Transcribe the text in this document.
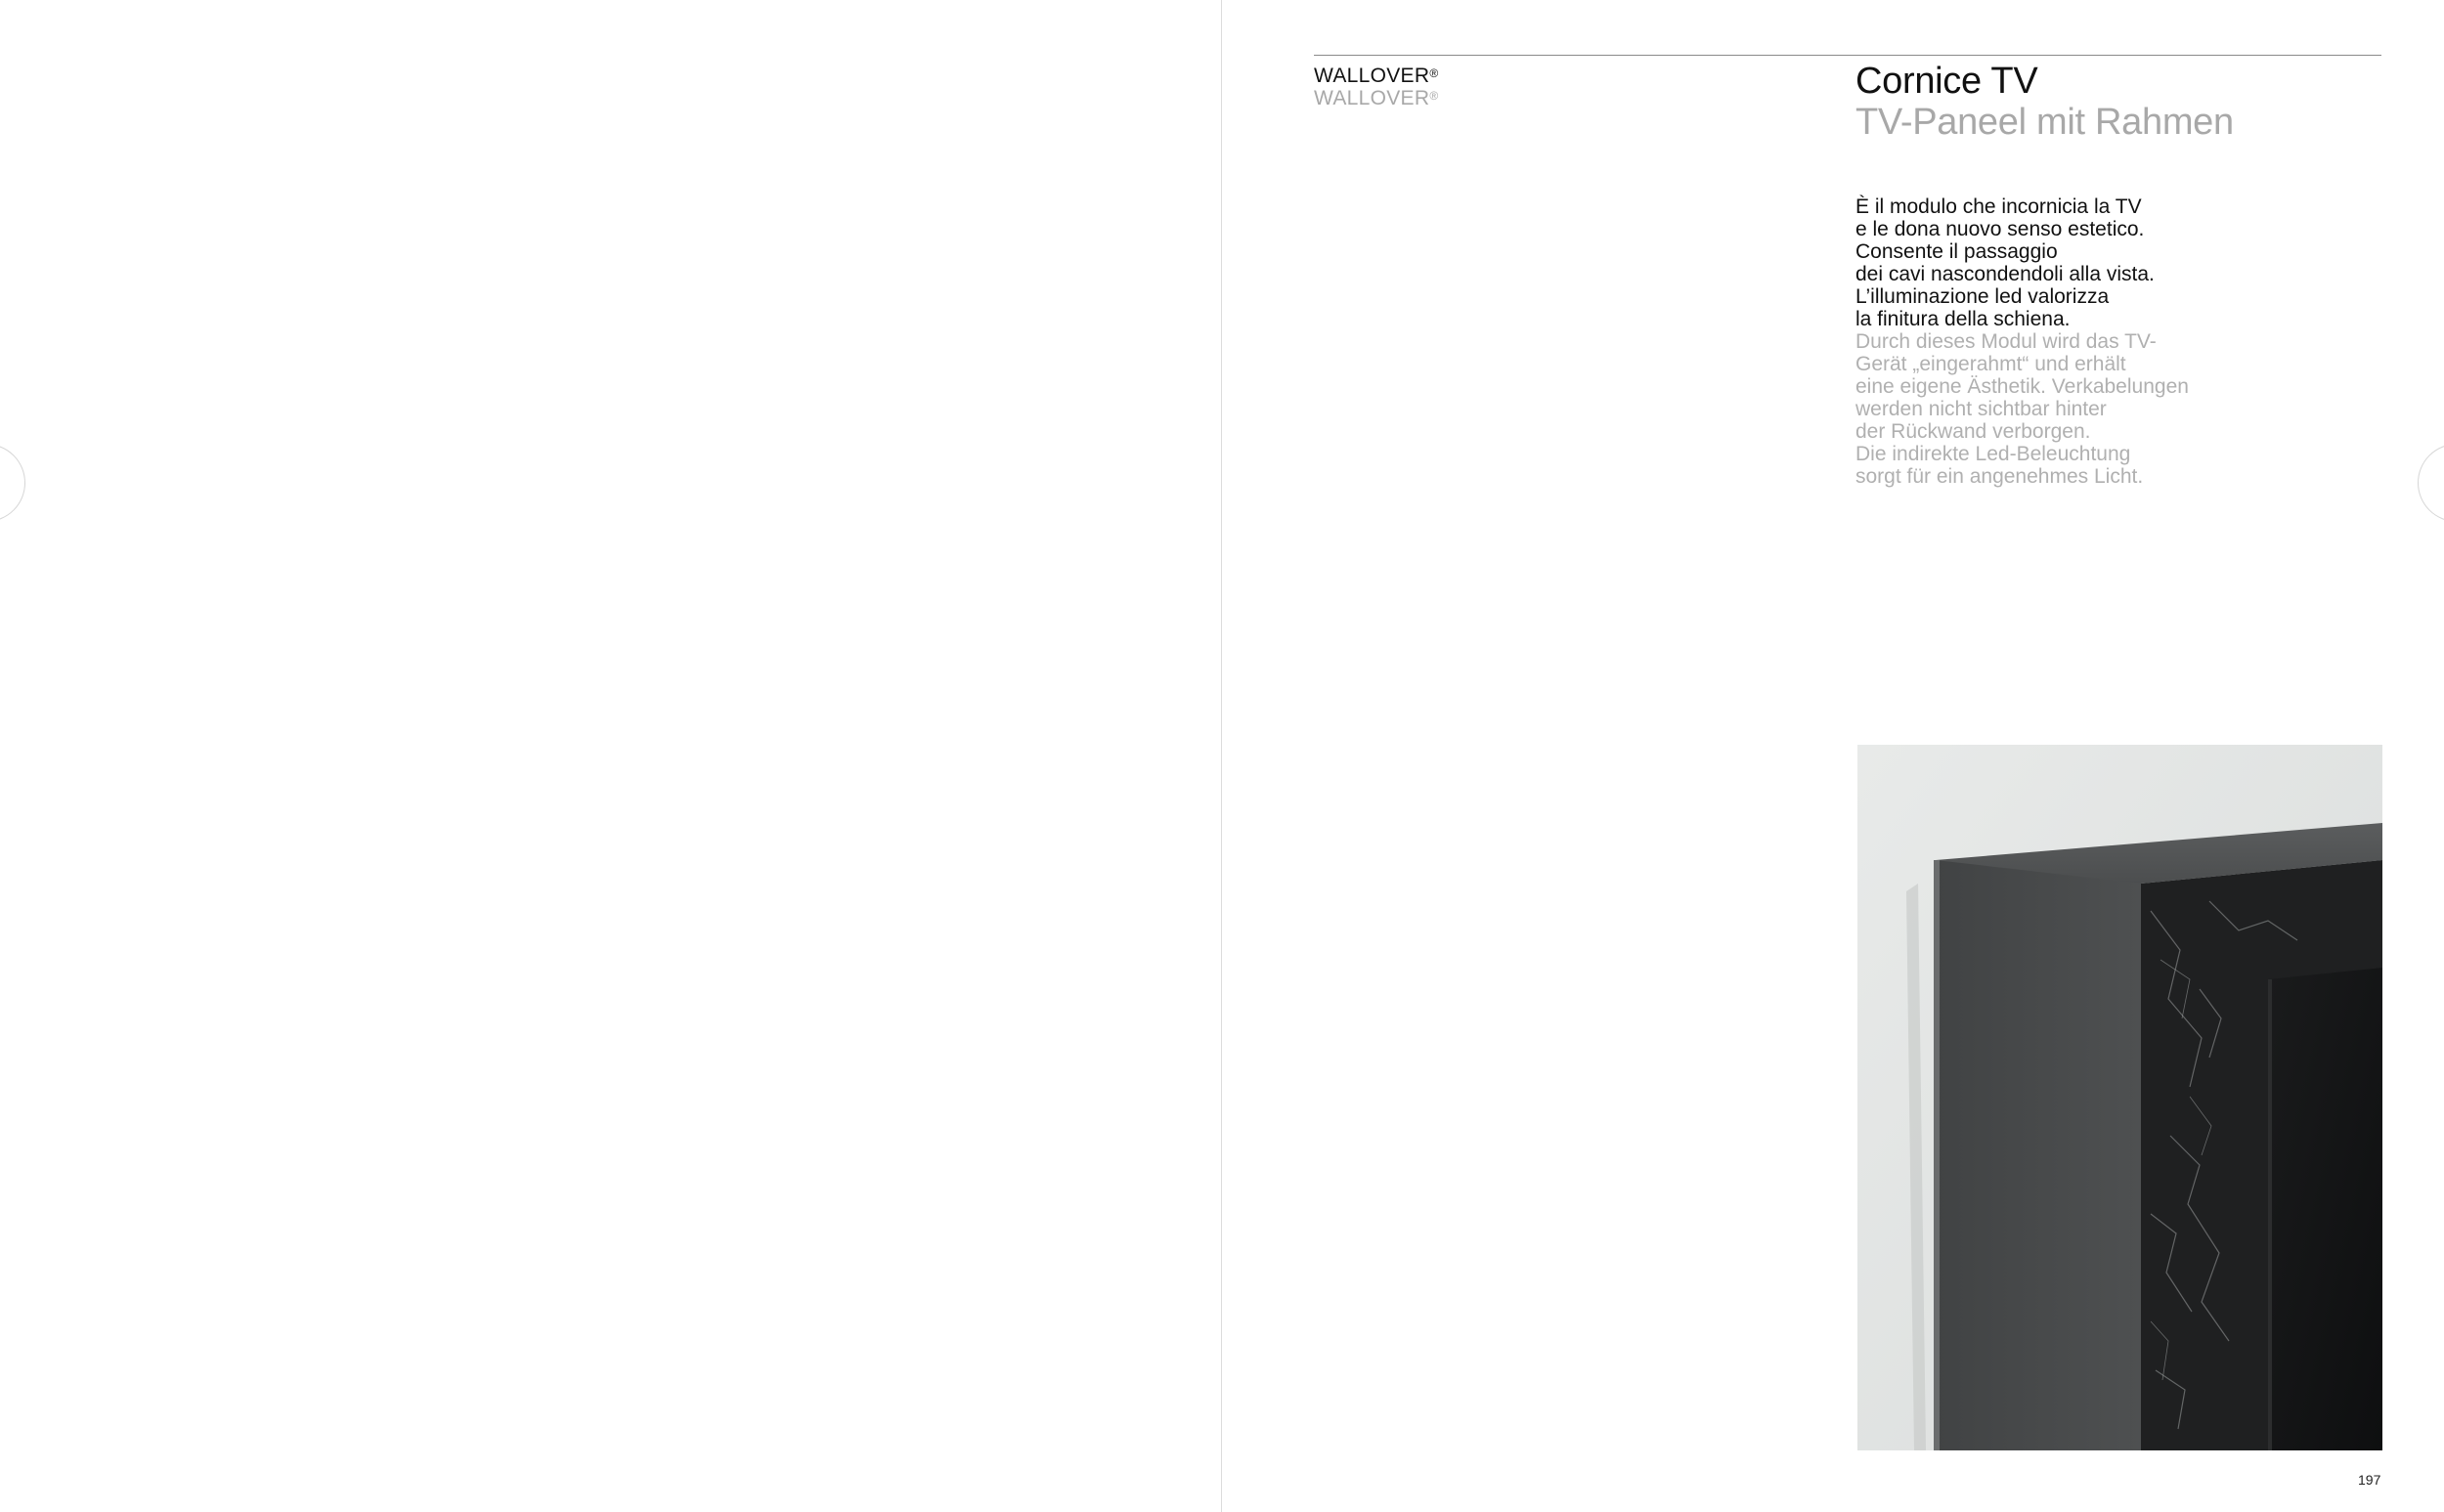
WALLOVER®
WALLOVER®	Cornice TV
TV-Paneel mit Rahmen
È il modulo che incornicia la TV
e le dona nuovo senso estetico.
Consente il passaggio
dei cavi nascondendoli alla vista.
L’illuminazione led valorizza
la finitura della schiena.
Durch dieses Modul wird das TV-
Gerät „eingerahmt“ und erhält
eine eigene Ästhetik. Verkabelungen
werden nicht sichtbar hinter
der Rückwand verborgen.
Die indirekte Led-Beleuchtung
sorgt für ein angenehmes Licht.
197
